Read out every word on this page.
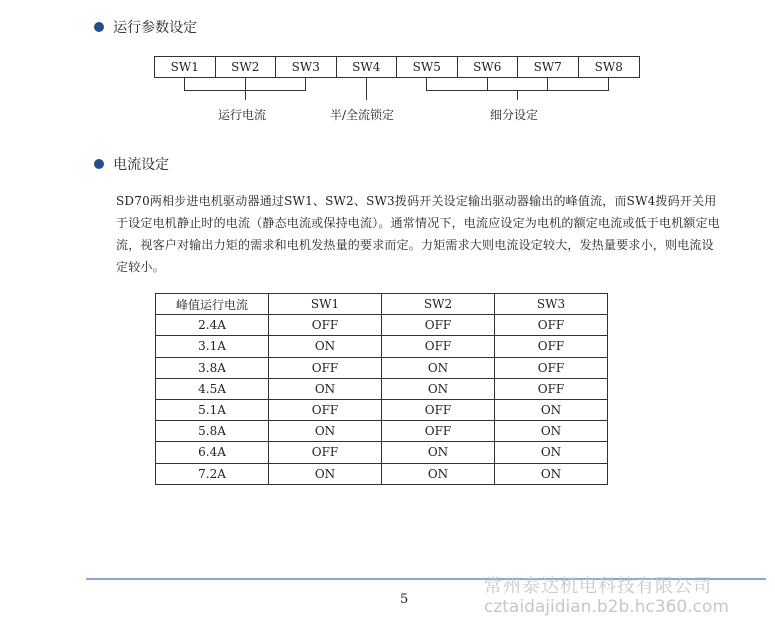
运行参数设定
SW1	SW2	SW3	SW4	SW5	SW6	SW7	SW8
运行电流	半/全流锁定	细分设定
电流设定
SD70两相步进电机驱动器通过SW1、SW2、SW3拨码开关设定输出驱动器输出的峰值流，而SW4拨码开关用于设定电机静止时的电流（静态电流或保持电流）。通常情况下，电流应设定为电机的额定电流或低于电机额定电流，视客户对输出力矩的需求和电机发热量的要求而定。力矩需求大则电流设定较大，发热量要求小，则电流设定较小。
峰值运行电流	SW1	SW2	SW3
2.4A	OFF	OFF	OFF
3.1A	ON	OFF	OFF
3.8A	OFF	ON	OFF
4.5A	ON	ON	OFF
5.1A	OFF	OFF	ON
5.8A	ON	OFF	ON
6.4A	OFF	ON	ON
7.2A	ON	ON	ON
5
常州泰达机电科技有限公司
cztaidajidian.b2b.hc360.com
